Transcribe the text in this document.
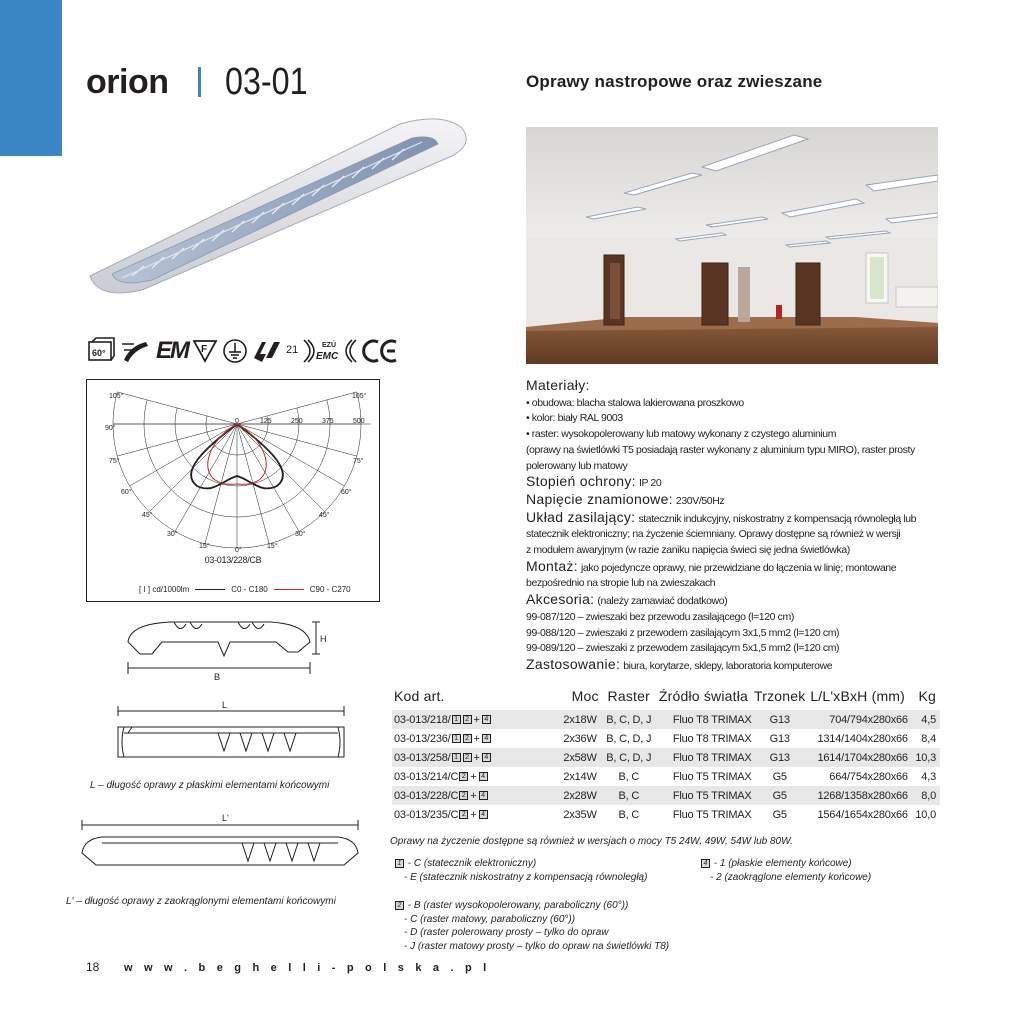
orion 03-01	Oprawy nastropowe oraz zwieszane
60° EM F	21	EZÚ
EMC
0	125	250	375	500
105°	105°
90°
75°
60°
45°
30°
15°
0°
15°
30°
45°
60°
75°
03-013/228/CB
[ I ] cd/1000lm	C0 - C180	C90 - C270
B
H
L
L – długość oprawy z płaskimi elementami końcowymi
L'
L' – długość oprawy z zaokrąglonymi elementami końcowymi
Materiały:
• obudowa: blacha stalowa lakierowana proszkowo
• kolor: biały RAL 9003
• raster: wysokopolerowany lub matowy wykonany z czystego aluminium
(oprawy na świetlówki T5 posiadają raster wykonany z aluminium typu MIRO), raster prosty
polerowany lub matowy
Stopień ochrony: IP 20
Napięcie znamionowe: 230V/50Hz
Układ zasilający: statecznik indukcyjny, niskostratny z kompensacją równoległą lub
statecznik elektroniczny; na życzenie ściemniany. Oprawy dostępne są również w wersji
z modułem awaryjnym (w razie zaniku napięcia świeci się jedna świetlówka)
Montaż: jako pojedyncze oprawy, nie przewidziane do łączenia w linię; montowane
bezpośrednio na stropie lub na zwieszakach
Akcesoria: (należy zamawiać dodatkowo)
99-087/120 – zwieszaki bez przewodu zasilającego (l=120 cm)
99-088/120 – zwieszaki z przewodem zasilającym 3x1,5 mm2 (l=120 cm)
99-089/120 – zwieszaki z przewodem zasilającym 5x1,5 mm2 (l=120 cm)
Zastosowanie: biura, korytarze, sklepy, laboratoria komputerowe
Kod art.	Moc	Raster	Źródło światła	Trzonek	L/L'xBxH (mm)	Kg
03-013/218/ 1 2 + 4	2x18W	B, C, D, J	Fluo T8 TRIMAX	G13	704/794x280x66	4,5
03-013/236/ 1 2 + 4	2x36W	B, C, D, J	Fluo T8 TRIMAX	G13	1314/1404x280x66	8,4
03-013/258/ 1 2 + 4	2x58W	B, C, D, J	Fluo T8 TRIMAX	G13	1614/1704x280x66	10,3
03-013/214/C 2 + 4	2x14W	B, C	Fluo T5 TRIMAX	G5	664/754x280x66	4,3
03-013/228/C 2 + 4	2x28W	B, C	Fluo T5 TRIMAX	G5	1268/1358x280x66	8,0
03-013/235/C 2 + 4	2x35W	B, C	Fluo T5 TRIMAX	G5	1564/1654x280x66	10,0
Oprawy na życzenie dostępne są również w wersjach o mocy T5 24W, 49W, 54W lub 80W.
1 - C (statecznik elektroniczny)
- E (statecznik niskostratny z kompensacją równoległą)
4 - 1 (płaskie elementy końcowe)
- 2 (zaokrąglone elementy końcowe)
2 - B (raster wysokopolerowany, paraboliczny (60°))
- C (raster matowy, paraboliczny (60°))
- D (raster polerowany prosty – tylko do opraw
- J (raster matowy prosty – tylko do opraw na świetlówki T8)
18 w w w . b e g h e l l i - p o l s k a . p l
